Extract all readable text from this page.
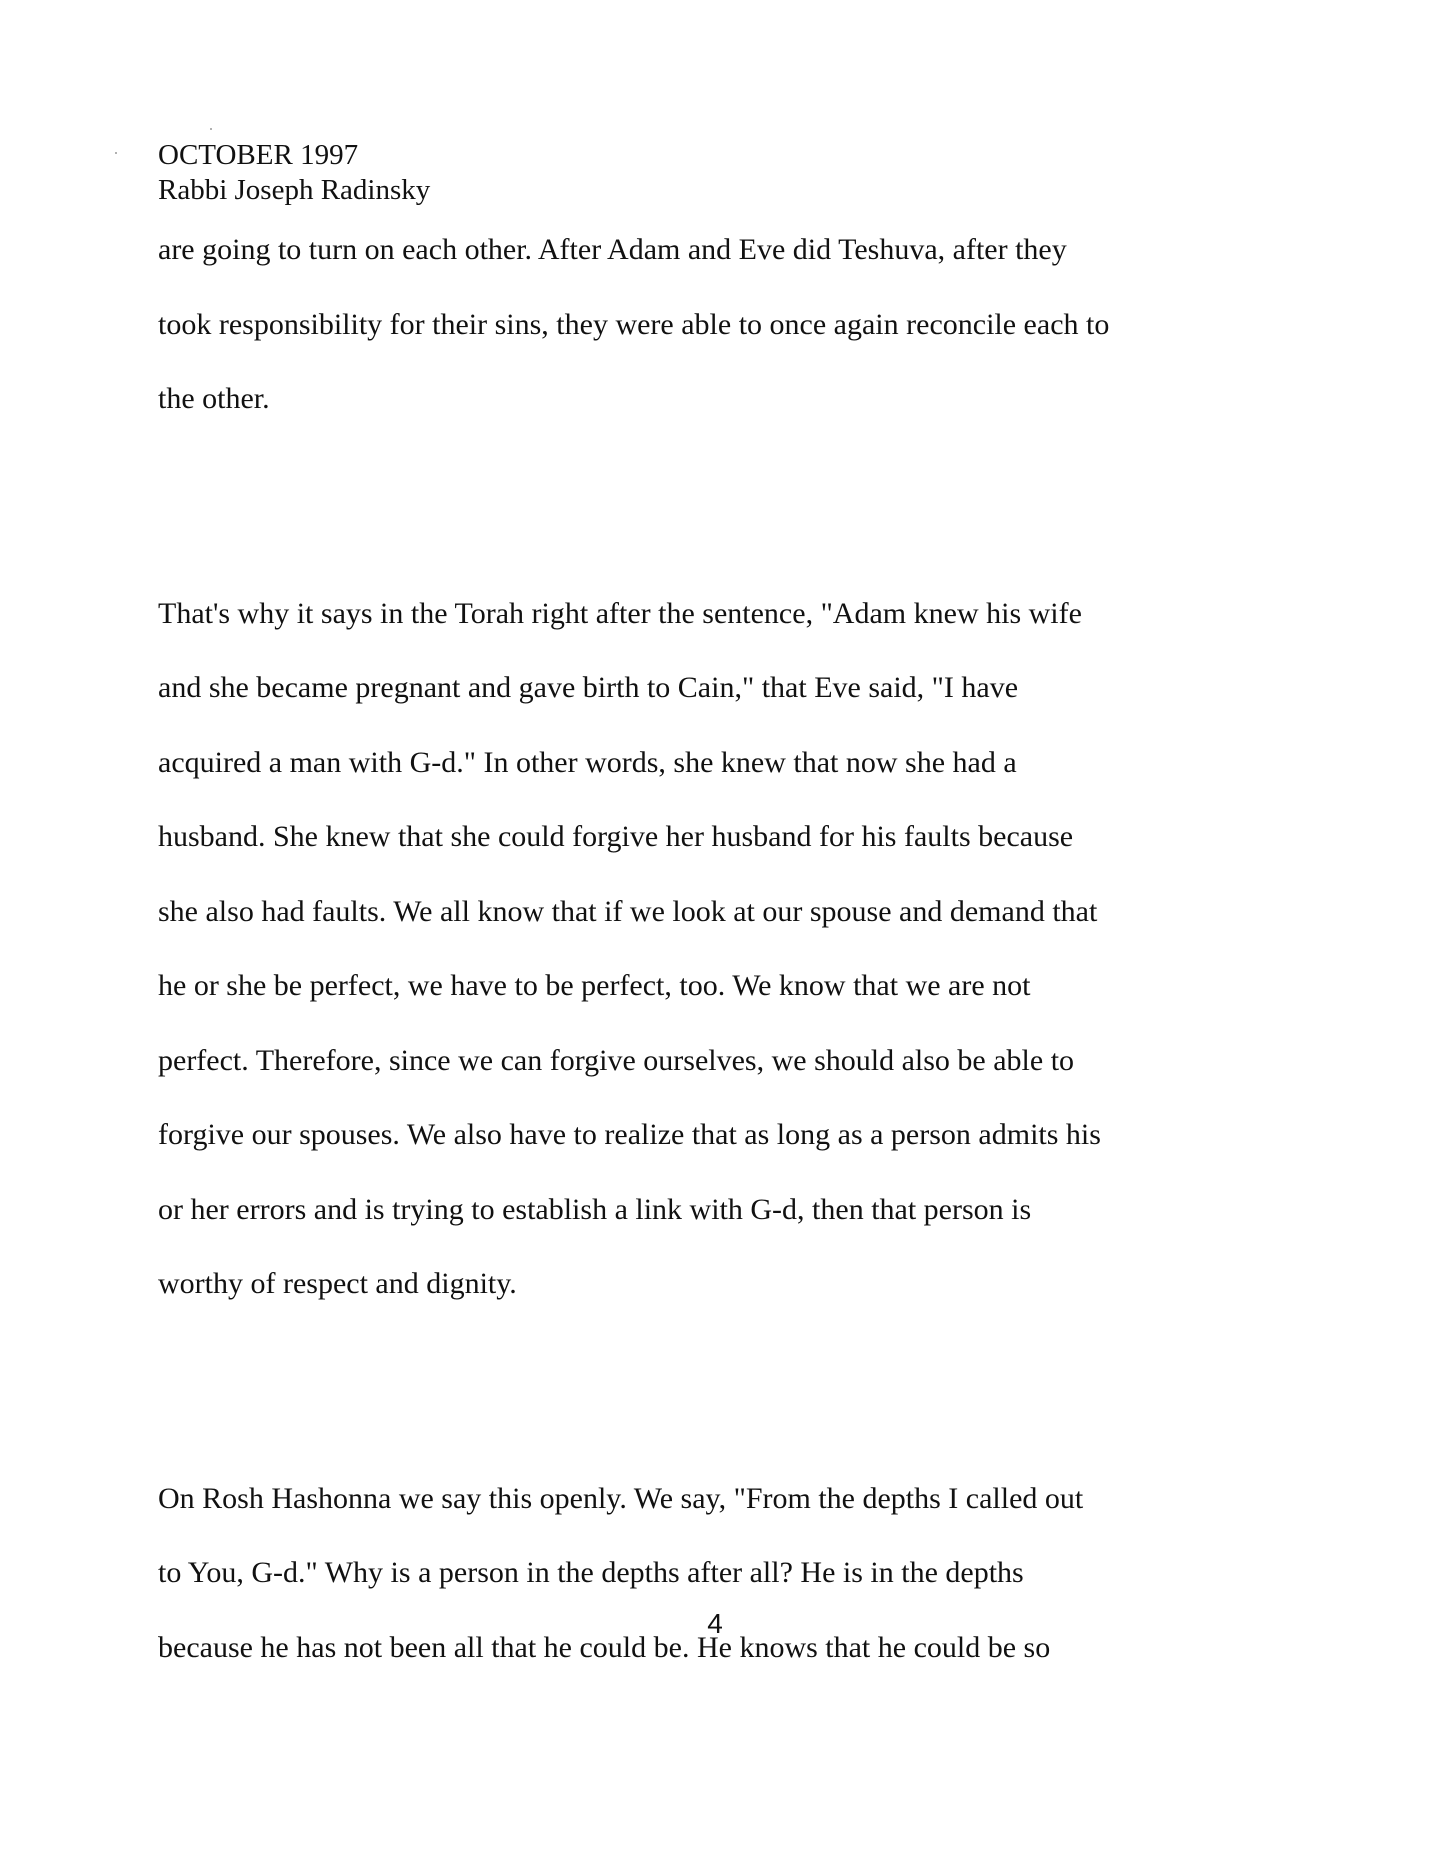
OCTOBER 1997
Rabbi Joseph Radinsky
are going to turn on each other. After Adam and Eve did Teshuva, after they
took responsibility for their sins, they were able to once again reconcile each to
the other.
That's why it says in the Torah right after the sentence, "Adam knew his wife
and she became pregnant and gave birth to Cain," that Eve said, "I have
acquired a man with G-d." In other words, she knew that now she had a
husband. She knew that she could forgive her husband for his faults because
she also had faults. We all know that if we look at our spouse and demand that
he or she be perfect, we have to be perfect, too. We know that we are not
perfect. Therefore, since we can forgive ourselves, we should also be able to
forgive our spouses. We also have to realize that as long as a person admits his
or her errors and is trying to establish a link with G-d, then that person is
worthy of respect and dignity.
On Rosh Hashonna we say this openly. We say, "From the depths I called out
to You, G-d." Why is a person in the depths after all? He is in the depths
because he has not been all that he could be. He knows that he could be so
4
